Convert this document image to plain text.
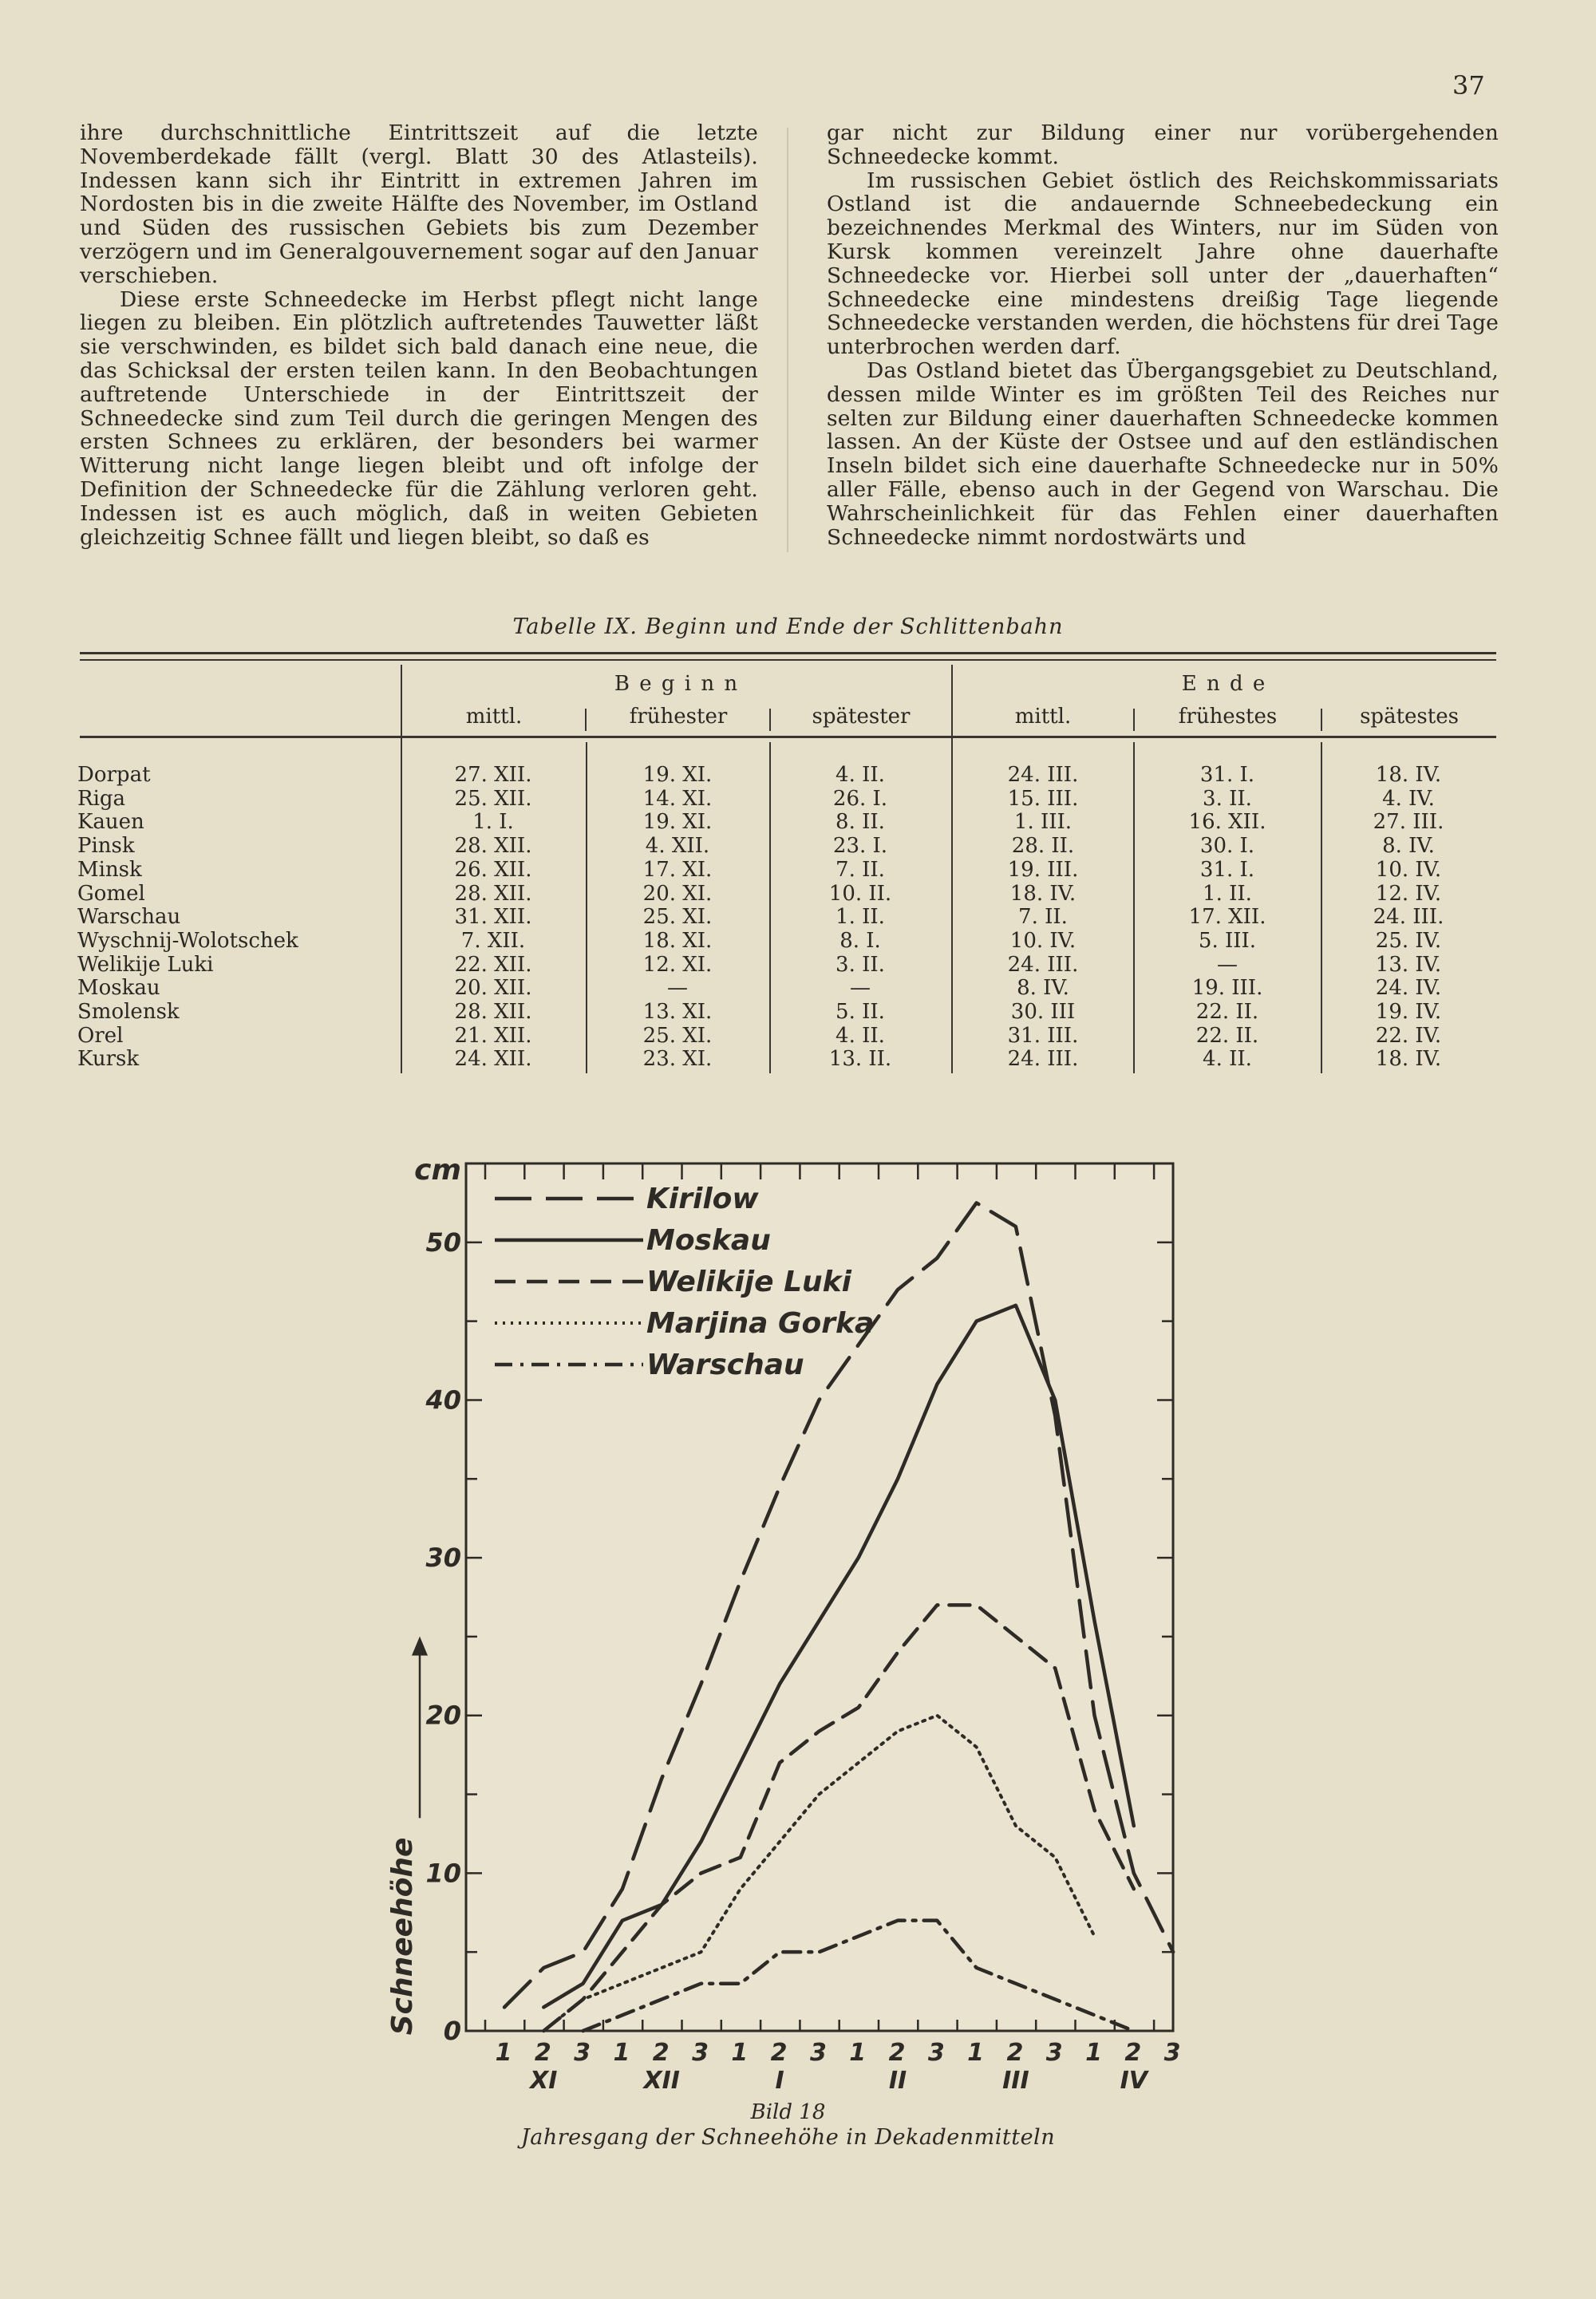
37

ihre durchschnittliche Eintrittszeit auf die letzte Novemberdekade fällt (vergl. Blatt 30 des Atlasteils). Indessen kann sich ihr Eintritt in extremen Jahren im Nordosten bis in die zweite Hälfte des November, im Ostland und Süden des russischen Gebiets bis zum Dezember verzögern und im Generalgouvernement sogar auf den Januar verschieben.

Diese erste Schneedecke im Herbst pflegt nicht lange liegen zu bleiben. Ein plötzlich auftretendes Tauwetter läßt sie verschwinden, es bildet sich bald danach eine neue, die das Schicksal der ersten teilen kann. In den Beobachtungen auftretende Unterschiede in der Eintrittszeit der Schneedecke sind zum Teil durch die geringen Mengen des ersten Schnees zu erklären, der besonders bei warmer Witterung nicht lange liegen bleibt und oft infolge der Definition der Schneedecke für die Zählung verloren geht. Indessen ist es auch möglich, daß in weiten Gebieten gleichzeitig Schnee fällt und liegen bleibt, so daß es

gar nicht zur Bildung einer nur vorübergehenden Schneedecke kommt.

Im russischen Gebiet östlich des Reichskommissariats Ostland ist die andauernde Schneebedeckung ein bezeichnendes Merkmal des Winters, nur im Süden von Kursk kommen vereinzelt Jahre ohne dauerhafte Schneedecke vor. Hierbei soll unter der „dauerhaften“ Schneedecke eine mindestens dreißig Tage liegende Schneedecke verstanden werden, die höchstens für drei Tage unterbrochen werden darf.

Das Ostland bietet das Übergangsgebiet zu Deutschland, dessen milde Winter es im größten Teil des Reiches nur selten zur Bildung einer dauerhaften Schneedecke kommen lassen. An der Küste der Ostsee und auf den estländischen Inseln bildet sich eine dauerhafte Schneedecke nur in 50% aller Fälle, ebenso auch in der Gegend von Warschau. Die Wahrscheinlichkeit für das Fehlen einer dauerhaften Schneedecke nimmt nordostwärts und

Tabelle IX. Beginn und Ende der Schlittenbahn
B e g i n n	E n d e
mittl.	frühester	spätester	mittl.	frühestes	spätestes
Dorpat	27. XII.	19. XI.	4. II.	24. III.	31. I.	18. IV.
Riga	25. XII.	14. XI.	26. I.	15. III.	3. II.	4. IV.
Kauen	1. I.	19. XI.	8. II.	1. III.	16. XII.	27. III.
Pinsk	28. XII.	4. XII.	23. I.	28. II.	30. I.	8. IV.
Minsk	26. XII.	17. XI.	7. II.	19. III.	31. I.	10. IV.
Gomel	28. XII.	20. XI.	10. II.	18. IV.	1. II.	12. IV.
Warschau	31. XII.	25. XI.	1. II.	7. II.	17. XII.	24. III.
Wyschnij-Wolotschek	7. XII.	18. XI.	8. I.	10. IV.	5. III.	25. IV.
Welikije Luki	22. XII.	12. XI.	3. II.	24. III.	—	13. IV.
Moskau	20. XII.	—	—	8. IV.	19. III.	24. IV.
Smolensk	28. XII.	13. XI.	5. II.	30. III	22. II.	19. IV.
Orel	21. XII.	25. XI.	4. II.	31. III.	22. II.	22. IV.
Kursk	24. XII.	23. XI.	13. II.	24. III.	4. II.	18. IV.
Kirilow
Moskau
Welikije Luki
Marjina Gorka
Warschau
0
10
20
30
40
50
cm
Schneehöhe
1 2 3 1 2 3 1 2 3 1 2 3 1 2 3 1 2 3
XI	XII	I	II	III	IV
Bild 18
Jahresgang der Schneehöhe in Dekadenmitteln
